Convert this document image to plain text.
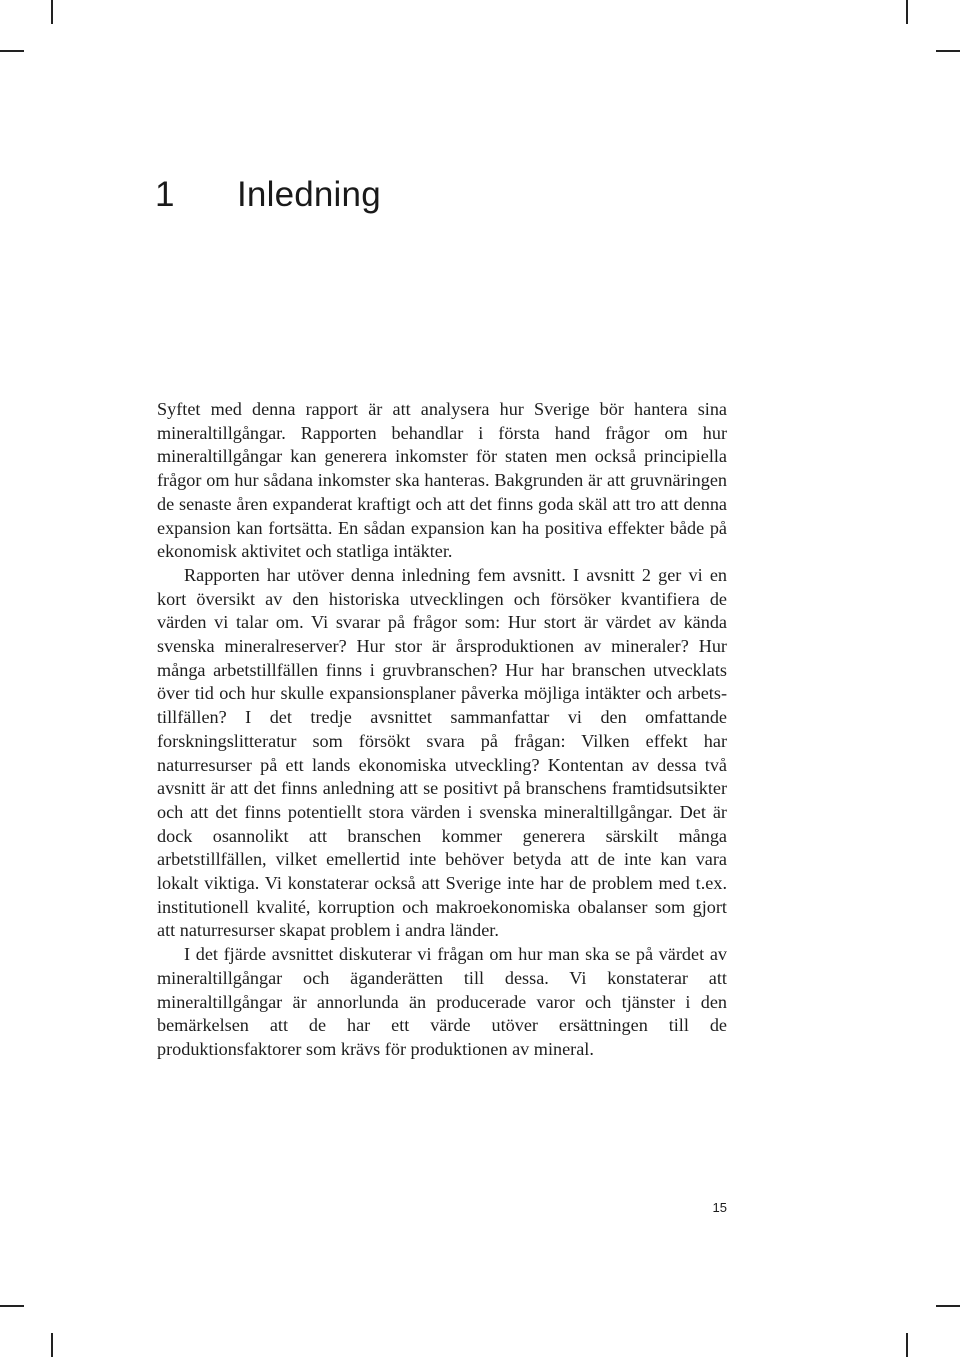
1 Inledning

Syftet med denna rapport är att analysera hur Sverige bör hantera sina mineraltillgångar. Rapporten behandlar i första hand frågor om hur mineraltillgångar kan generera inkomster för staten men också principiella frågor om hur sådana inkomster ska hanteras. Bakgrunden är att gruvnäringen de senaste åren expanderat kraftigt och att det finns goda skäl att tro att denna expansion kan fortsätta. En sådan expansion kan ha positiva effekter både på ekonomisk aktivitet och statliga intäkter.

Rapporten har utöver denna inledning fem avsnitt. I avsnitt 2 ger vi en kort översikt av den historiska utvecklingen och försöker kvantifiera de värden vi talar om. Vi svarar på frågor som: Hur stort är värdet av kända svenska mineralreserver? Hur stor är årsproduktionen av mineraler? Hur många arbetstillfällen finns i gruvbranschen? Hur har branschen utvecklats över tid och hur skulle expansionsplaner påverka möjliga intäkter och arbetstillfällen? I det tredje avsnittet sammanfattar vi den omfattande forskningslitteratur som försökt svara på frågan: Vilken effekt har naturresurser på ett lands ekonomiska utveckling? Kontentan av dessa två avsnitt är att det finns anledning att se positivt på branschens framtidsutsikter och att det finns potentiellt stora värden i svenska mineraltillgångar. Det är dock osannolikt att branschen kommer generera särskilt många arbetstillfällen, vilket emellertid inte behöver betyda att de inte kan vara lokalt viktiga. Vi konstaterar också att Sverige inte har de problem med t.ex. institutionell kvalité, korruption och makroekonomiska obalanser som gjort att naturresurser skapat problem i andra länder.

I det fjärde avsnittet diskuterar vi frågan om hur man ska se på värdet av mineraltillgångar och äganderätten till dessa. Vi konstaterar att mineraltillgångar är annorlunda än producerade varor och tjänster i den bemärkelsen att de har ett värde utöver ersättningen till de produktionsfaktorer som krävs för produktionen av mineral.

15
